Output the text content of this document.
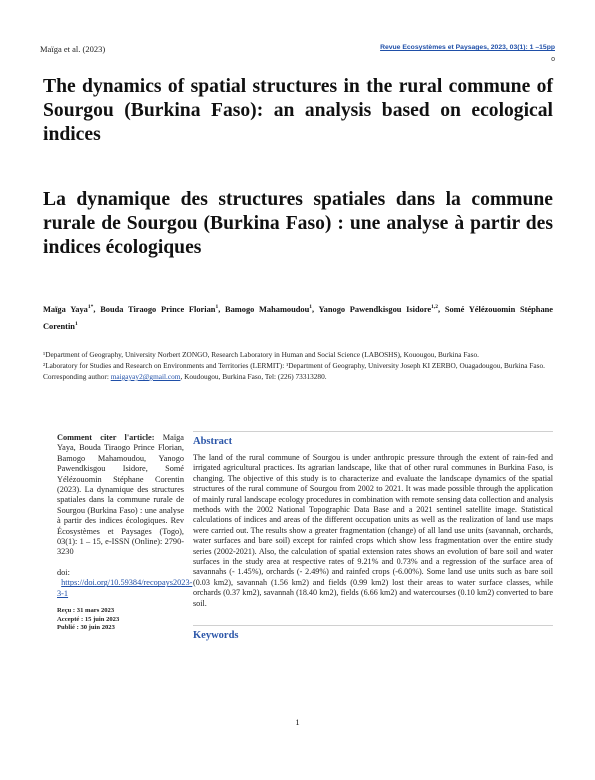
Maïga et al. (2023)	Revue Ecosystèmes et Paysages, 2023, 03(1): 1 –15pp
o
The dynamics of spatial structures in the rural commune of Sourgou (Burkina Faso): an analysis based on ecological indices
La dynamique des structures spatiales dans la commune rurale de Sourgou (Burkina Faso) : une analyse à partir des indices écologiques
Maïga Yaya$^{1*}$, Bouda Tiraogo Prince Florian$^1$, Bamogo Mahamoudou$^1$, Yanogo Pawendkisgou Isidore$^{1,2}$, Somé Yélézouomin Stéphane Corentin$^1$

¹Department of Geography, University Norbert ZONGO, Research Laboratory in Human and Social Science (LABOSHS), Kouougou, Burkina Faso.

²Laboratory for Studies and Research on Environments and Territories (LERMIT): ¹Department of Geography, University Joseph KI ZERBO, Ouagadougou, Burkina Faso.

Corresponding author: maigayay2@gmail.com, Koudougou, Burkina Faso, Tel: (226) 73313280.

Comment citer l'article: Maïga Yaya, Bouda Tiraogo Prince Florian, Bamogo Mahamoudou, Yanogo Pawendkisgou Isidore, Somé Yélézouomin Stéphane Corentin (2023). La dynamique des structures spatiales dans la commune rurale de Sourgou (Burkina Faso) : une analyse à partir des indices écologiques. Rev Écosystèmes et Paysages (Togo), 03(1): 1 – 15, e-ISSN (Online): 2790-3230

doi:   https://doi.org/10.59384/recopays2023-3-1

Reçu : 31 mars 2023
Accepté : 15 juin 2023
Publié : 30 juin 2023
Abstract

The land of the rural commune of Sourgou is under anthropic pressure through the extent of rain-fed and irrigated agricultural practices. Its agrarian landscape, like that of other rural communes in Burkina Faso, is changing. The objective of this study is to characterize and evaluate the landscape dynamics of the spatial structures of the rural commune of Sourgou from 2002 to 2021. It was made possible through the application of mainly rural landscape ecology procedures in combination with remote sensing data collection and analysis methods with the 2002 National Topographic Data Base and a 2021 sentinel satellite image. Statistical calculations of indices and areas of the different occupation units as well as the realization of land use maps were carried out. The results show a greater fragmentation (change) of all land use units (savannah, orchards, water surfaces and bare soil) except for rainfed crops which show less fragmentation over the entire study series (2002-2021). Also, the calculation of spatial extension rates shows an evolution of bare soil and water surfaces in the study area at respective rates of 9.21% and 0.73% and a regression of the surface area of savannahs (- 1.45%), orchards (- 2.49%) and rainfed crops (-6.00%). Some land use units such as bare soil (0.03 km2), savannah (1.56 km2) and fields (0.99 km2) lost their areas to water surface classes, while orchards (0.37 km2), savannah (18.40 km2), fields (6.66 km2) and watercourses (0.10 km2) converted to bare soil.

Keywords
1
